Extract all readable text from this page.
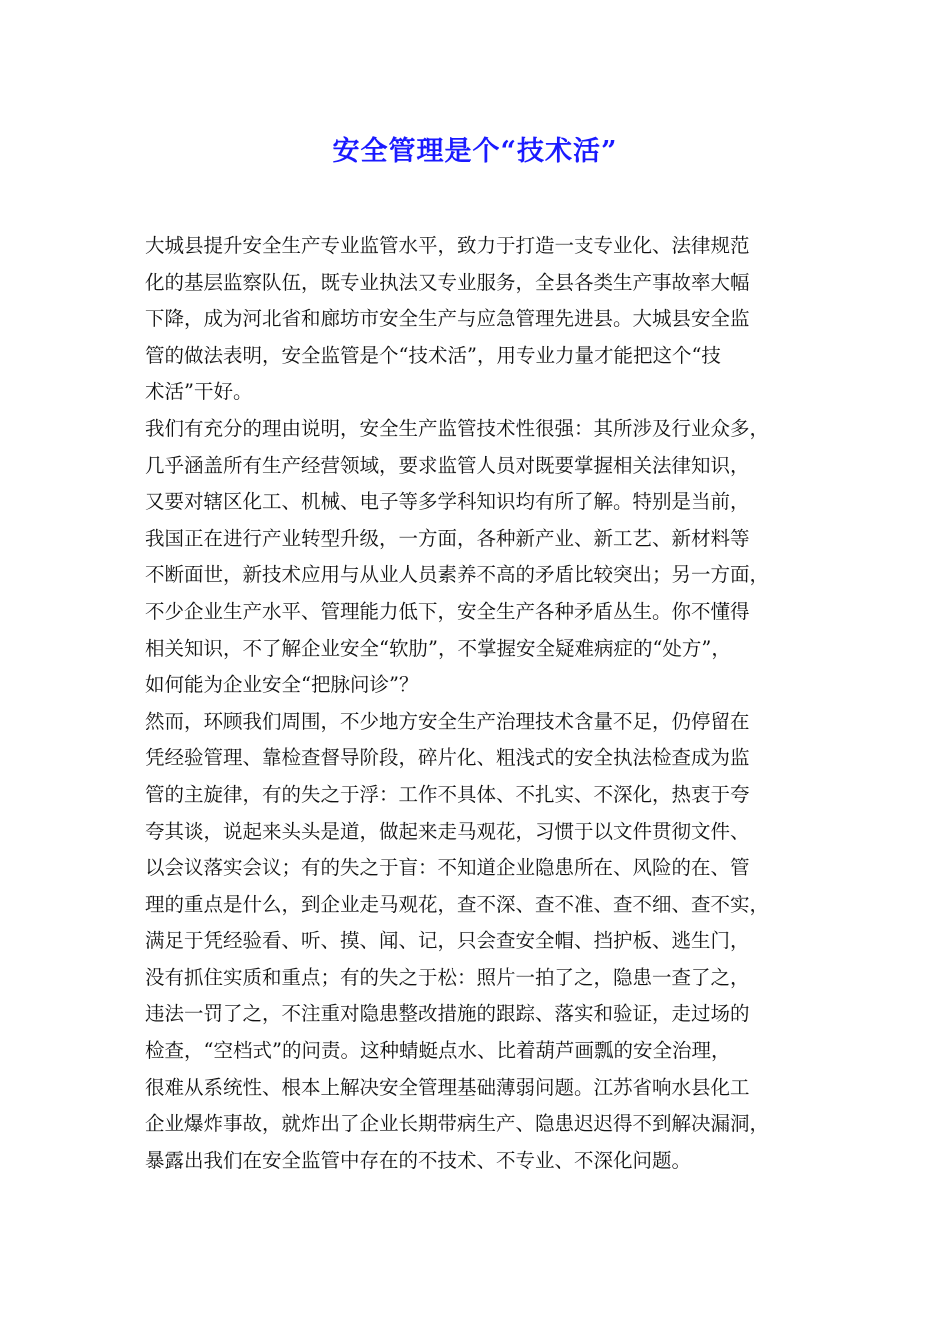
安全管理是个“技术活”

大城县提升安全生产专业监管水平，致力于打造一支专业化、法律规范
化的基层监察队伍，既专业执法又专业服务，全县各类生产事故率大幅
下降，成为河北省和廊坊市安全生产与应急管理先进县。大城县安全监
管的做法表明，安全监管是个“技术活”，用专业力量才能把这个“技
术活”干好。

我们有充分的理由说明，安全生产监管技术性很强：其所涉及行业众多，
几乎涵盖所有生产经营领域，要求监管人员对既要掌握相关法律知识，
又要对辖区化工、机械、电子等多学科知识均有所了解。特别是当前，
我国正在进行产业转型升级，一方面，各种新产业、新工艺、新材料等
不断面世，新技术应用与从业人员素养不高的矛盾比较突出；另一方面，
不少企业生产水平、管理能力低下，安全生产各种矛盾丛生。你不懂得
相关知识，不了解企业安全“软肋”，不掌握安全疑难病症的“处方”，
如何能为企业安全“把脉问诊”？

然而，环顾我们周围，不少地方安全生产治理技术含量不足，仍停留在
凭经验管理、靠检查督导阶段，碎片化、粗浅式的安全执法检查成为监
管的主旋律，有的失之于浮：工作不具体、不扎实、不深化，热衷于夸
夸其谈，说起来头头是道，做起来走马观花，习惯于以文件贯彻文件、
以会议落实会议；有的失之于盲：不知道企业隐患所在、风险的在、管
理的重点是什么，到企业走马观花，查不深、查不准、查不细、查不实，
满足于凭经验看、听、摸、闻、记，只会查安全帽、挡护板、逃生门，
没有抓住实质和重点；有的失之于松：照片一拍了之，隐患一查了之，
违法一罚了之，不注重对隐患整改措施的跟踪、落实和验证，走过场的
检查，“空档式”的问责。这种蜻蜓点水、比着葫芦画瓢的安全治理，
很难从系统性、根本上解决安全管理基础薄弱问题。江苏省响水县化工
企业爆炸事故，就炸出了企业长期带病生产、隐患迟迟得不到解决漏洞，
暴露出我们在安全监管中存在的不技术、不专业、不深化问题。
